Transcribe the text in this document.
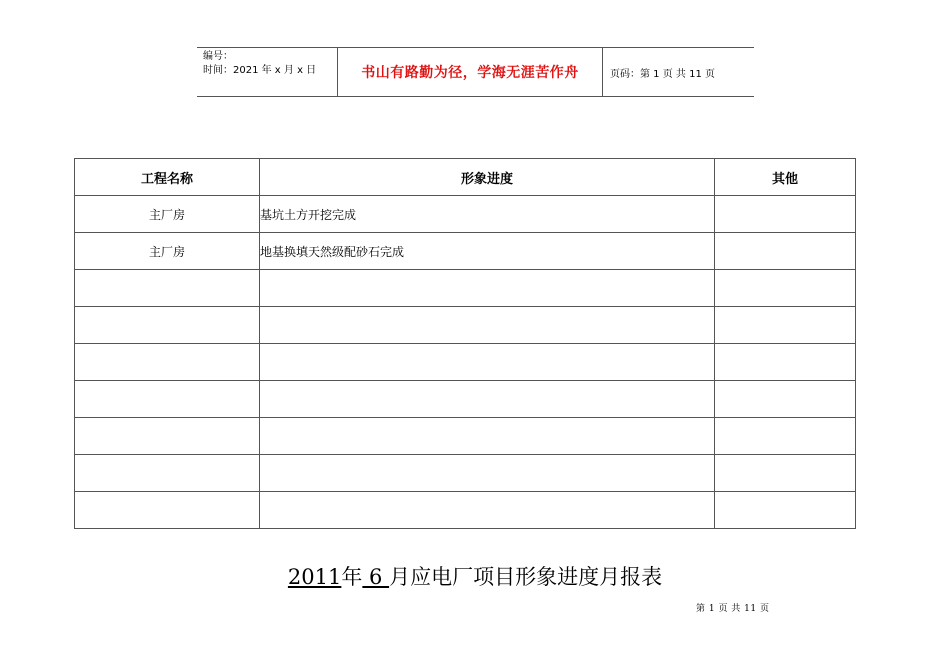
编号：
时间：2021 年 x 月 x 日	书山有路勤为径，学海无涯苦作舟	页码：第 1 页 共 11 页
工程名称	形象进度	其他
主厂房	基坑土方开挖完成	
主厂房	地基换填天然级配砂石完成	

2011年 6 月应电厂项目形象进度月报表
第 1 页 共 11 页
